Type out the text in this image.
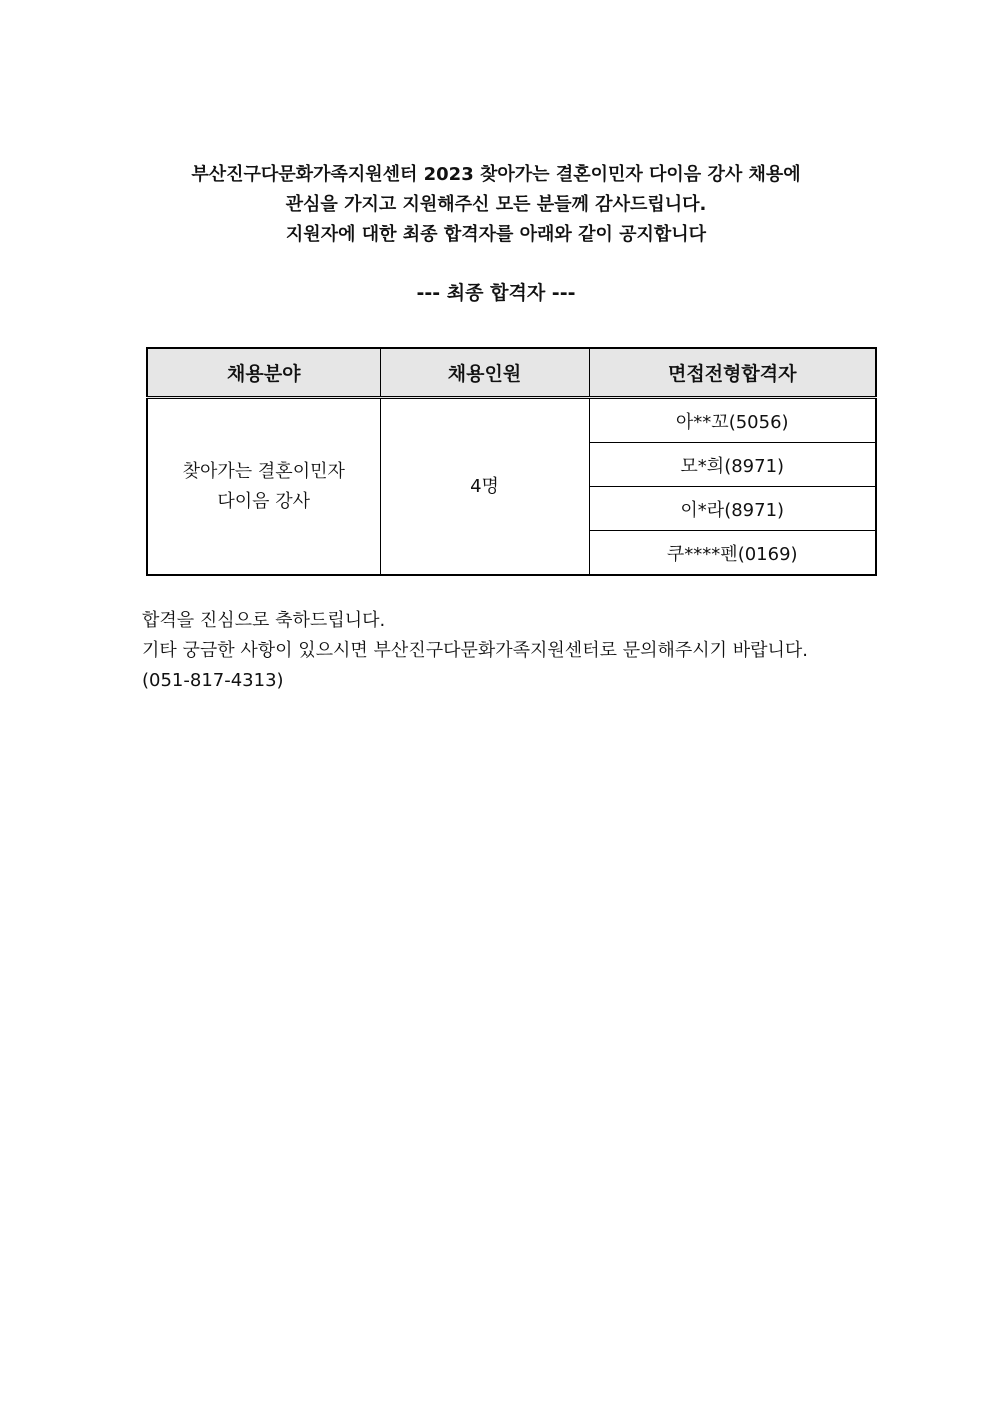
부산진구다문화가족지원센터 2023 찾아가는 결혼이민자 다이음 강사 채용에
관심을 가지고 지원해주신 모든 분들께 감사드립니다.
지원자에 대한 최종 합격자를 아래와 같이 공지합니다
--- 최종 합격자 ---
채용분야	채용인원	면접전형합격자

찾아가는 결혼이민자
다이음 강사	4명	아**꼬(5056)
		모*희(8971)
		이*라(8971)
		쿠****펜(0169)
합격을 진심으로 축하드립니다.
기타 궁금한 사항이 있으시면 부산진구다문화가족지원센터로 문의해주시기 바랍니다.
(051-817-4313)
